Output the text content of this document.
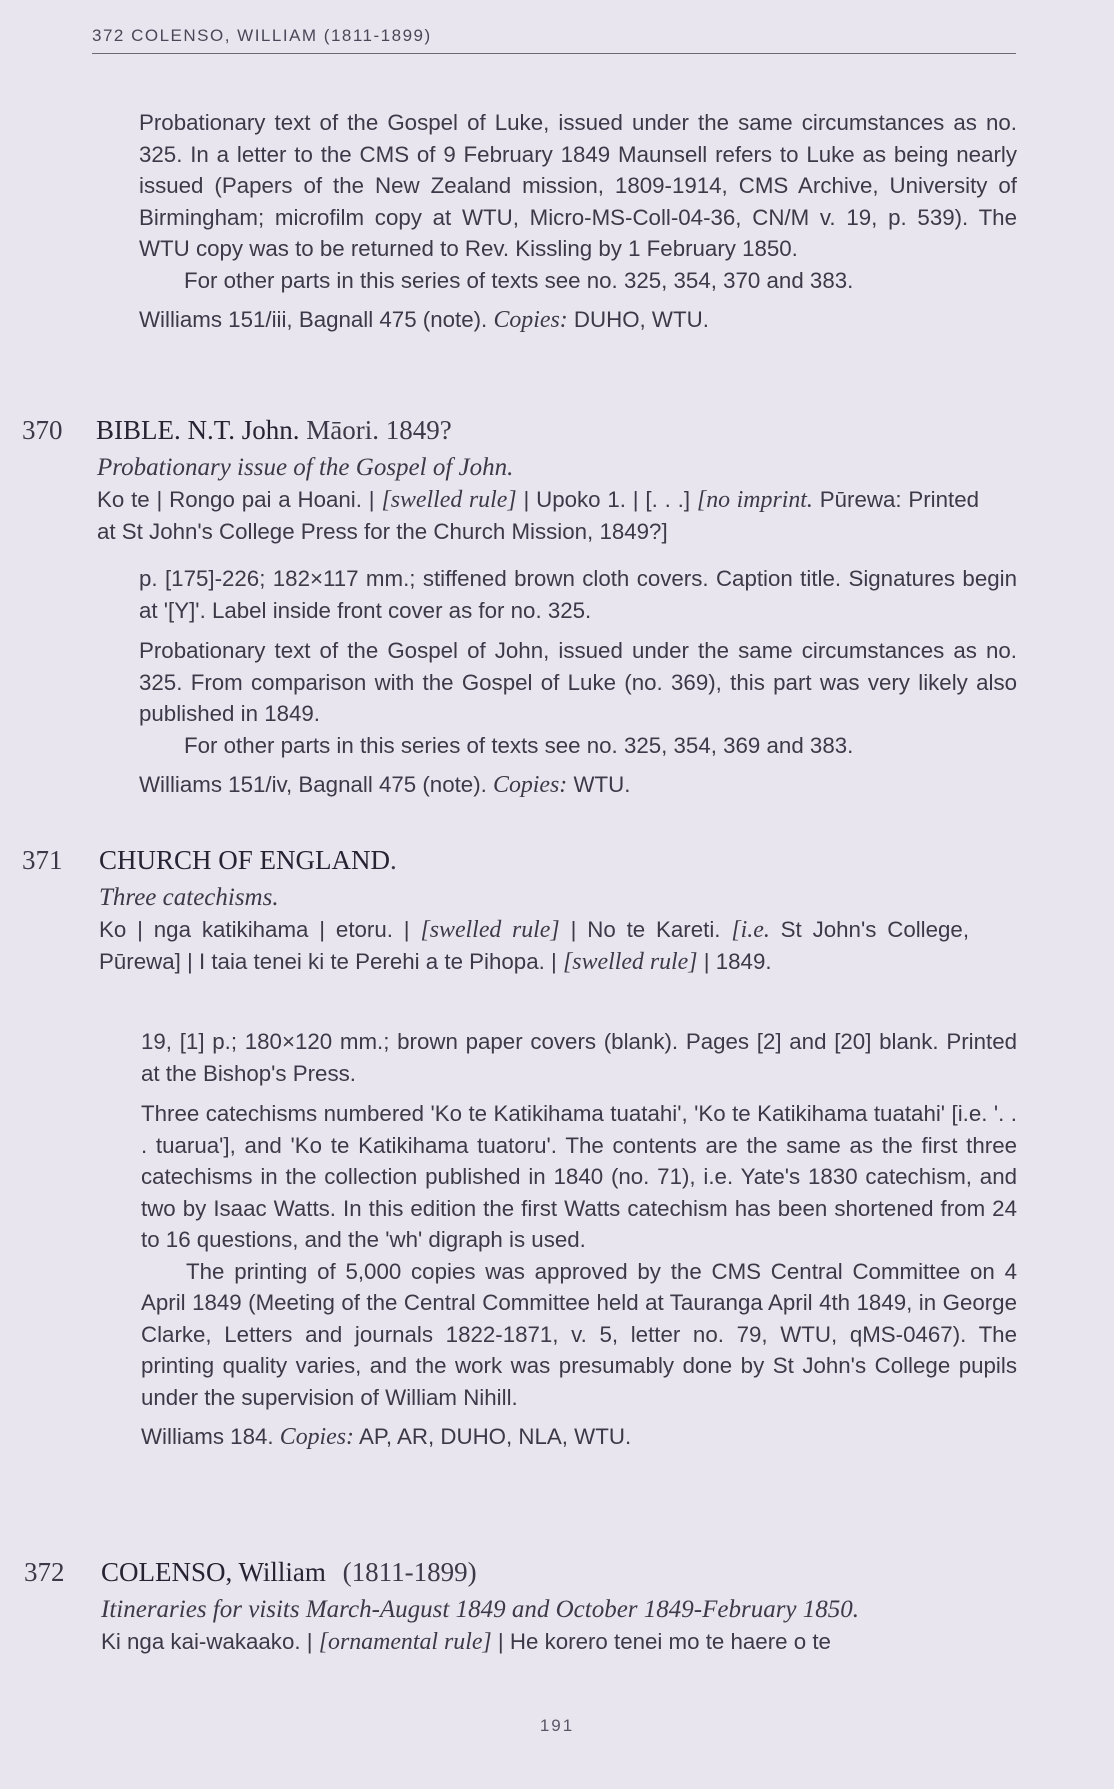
372 COLENSO, WILLIAM (1811-1899)

Probationary text of the Gospel of Luke, issued under the same circumstances as no. 325. In a letter to the CMS of 9 February 1849 Maunsell refers to Luke as being nearly issued (Papers of the New Zealand mission, 1809-1914, CMS Archive, University of Birmingham; microfilm copy at WTU, Micro-MS-Coll-04-36, CN/M v. 19, p. 539). The WTU copy was to be returned to Rev. Kissling by 1 February 1850.

For other parts in this series of texts see no. 325, 354, 370 and 383.

Williams 151/iii, Bagnall 475 (note). Copies: DUHO, WTU.

370 BIBLE. N.T. John. Māori. 1849?

Probationary issue of the Gospel of John.

Ko te | Rongo pai a Hoani. | [swelled rule] | Upoko 1. | [. . .] [no imprint. Pūrewa: Printed at St John's College Press for the Church Mission, 1849?]

p. [175]-226; 182×117 mm.; stiffened brown cloth covers. Caption title. Signatures begin at '[Y]'. Label inside front cover as for no. 325.

Probationary text of the Gospel of John, issued under the same circumstances as no. 325. From comparison with the Gospel of Luke (no. 369), this part was very likely also published in 1849.

For other parts in this series of texts see no. 325, 354, 369 and 383.

Williams 151/iv, Bagnall 475 (note). Copies: WTU.

371 CHURCH OF ENGLAND.

Three catechisms.

Ko | nga katikihama | etoru. | [swelled rule] | No te Kareti. [i.e. St John's College, Pūrewa] | I taia tenei ki te Perehi a te Pihopa. | [swelled rule] | 1849.

19, [1] p.; 180×120 mm.; brown paper covers (blank). Pages [2] and [20] blank. Printed at the Bishop's Press.

Three catechisms numbered 'Ko te Katikihama tuatahi', 'Ko te Katikihama tuatahi' [i.e. '. . . tuarua'], and 'Ko te Katikihama tuatoru'. The contents are the same as the first three catechisms in the collection published in 1840 (no. 71), i.e. Yate's 1830 catechism, and two by Isaac Watts. In this edition the first Watts catechism has been shortened from 24 to 16 questions, and the 'wh' digraph is used.

The printing of 5,000 copies was approved by the CMS Central Committee on 4 April 1849 (Meeting of the Central Committee held at Tauranga April 4th 1849, in George Clarke, Letters and journals 1822-1871, v. 5, letter no. 79, WTU, qMS-0467). The printing quality varies, and the work was presumably done by St John's College pupils under the supervision of William Nihill.

Williams 184. Copies: AP, AR, DUHO, NLA, WTU.

372 COLENSO, William (1811-1899)

Itineraries for visits March-August 1849 and October 1849-February 1850.

Ki nga kai-wakaako. | [ornamental rule] | He korero tenei mo te haere o te

191
